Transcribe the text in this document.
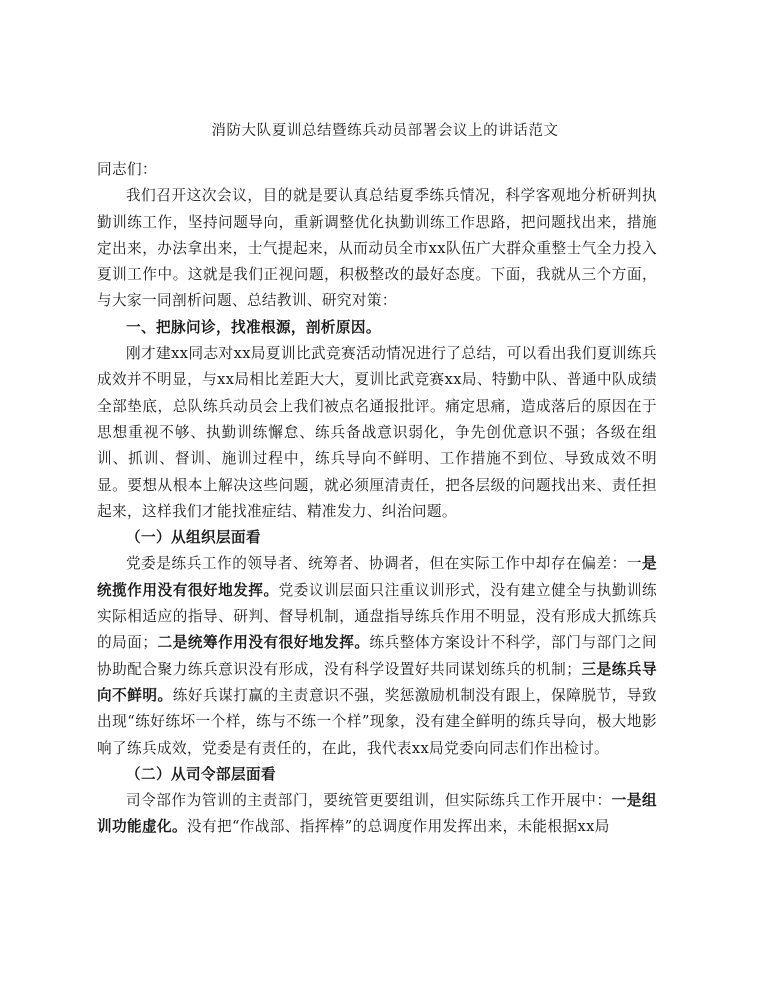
消防大队夏训总结暨练兵动员部署会议上的讲话范文

同志们：

我们召开这次会议，目的就是要认真总结夏季练兵情况，科学客观地分析研判执勤训练工作，坚持问题导向，重新调整优化执勤训练工作思路，把问题找出来，措施定出来，办法拿出来，士气提起来，从而动员全市xx队伍广大群众重整士气全力投入夏训工作中。这就是我们正视问题，积极整改的最好态度。下面，我就从三个方面，与大家一同剖析问题、总结教训、研究对策：

一、把脉问诊，找准根源，剖析原因。

刚才建xx同志对xx局夏训比武竞赛活动情况进行了总结，可以看出我们夏训练兵成效并不明显，与xx局相比差距大大，夏训比武竞赛xx局、特勤中队、普通中队成绩全部垫底，总队练兵动员会上我们被点名通报批评。痛定思痛，造成落后的原因在于思想重视不够、执勤训练懈怠、练兵备战意识弱化，争先创优意识不强；各级在组训、抓训、督训、施训过程中，练兵导向不鲜明、工作措施不到位、导致成效不明显。要想从根本上解决这些问题，就必须厘清责任，把各层级的问题找出来、责任担起来，这样我们才能找准症结、精准发力、纠治问题。

（一）从组织层面看

党委是练兵工作的领导者、统筹者、协调者，但在实际工作中却存在偏差：一是统揽作用没有很好地发挥。党委议训层面只注重议训形式，没有建立健全与执勤训练实际相适应的指导、研判、督导机制，通盘指导练兵作用不明显，没有形成大抓练兵的局面；二是统筹作用没有很好地发挥。练兵整体方案设计不科学，部门与部门之间协助配合聚力练兵意识没有形成，没有科学设置好共同谋划练兵的机制；三是练兵导向不鲜明。练好兵谋打赢的主责意识不强，奖惩激励机制没有跟上，保障脱节，导致出现“练好练坏一个样，练与不练一个样”现象，没有建全鲜明的练兵导向，极大地影响了练兵成效，党委是有责任的，在此，我代表xx局党委向同志们作出检讨。

（二）从司令部层面看

司令部作为管训的主责部门，要统管更要组训，但实际练兵工作开展中：一是组训功能虚化。没有把“作战部、指挥棒”的总调度作用发挥出来，未能根据xx局
